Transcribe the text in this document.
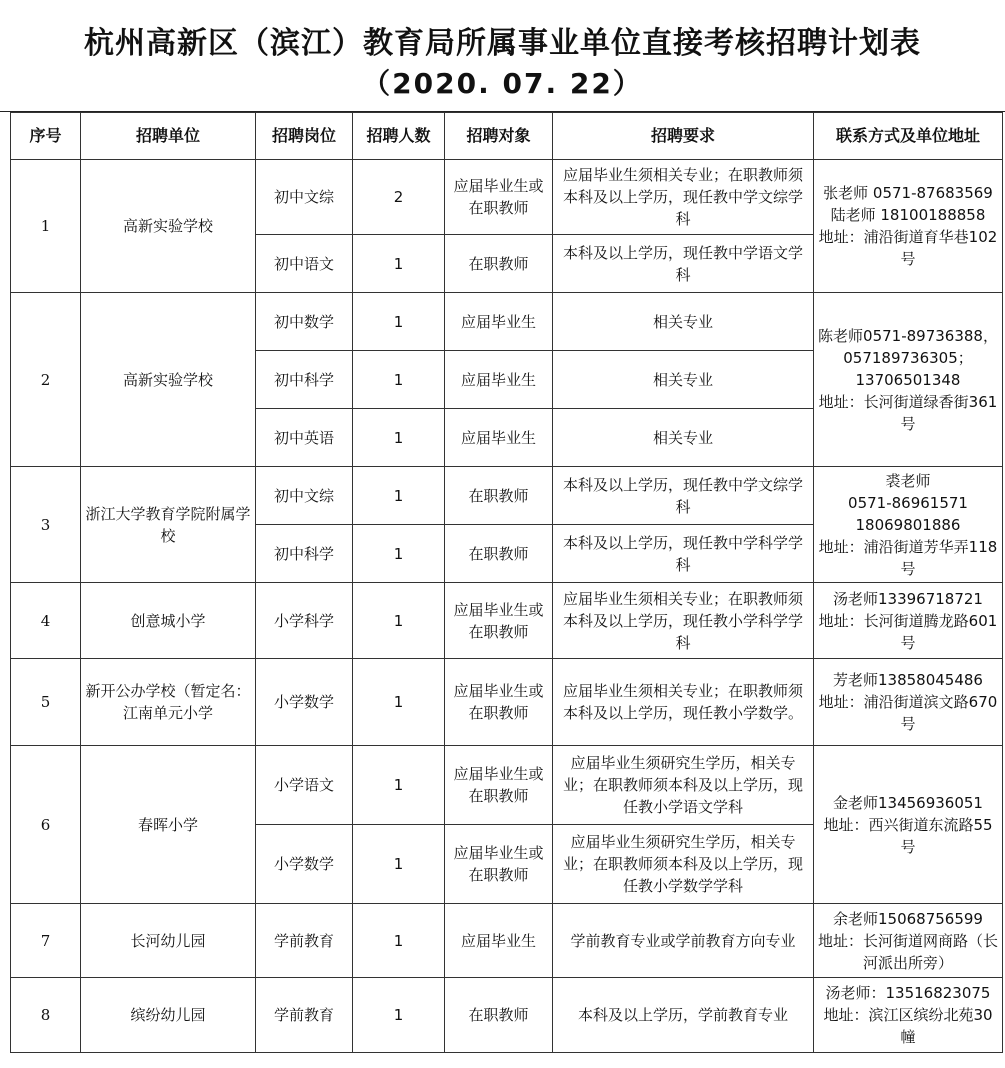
杭州高新区（滨江）教育局所属事业单位直接考核招聘计划表
（2020. 07. 22）
序号	招聘单位	招聘岗位	招聘人数	招聘对象	招聘要求	联系方式及单位地址
1	高新实验学校	初中文综	2	应届毕业生或在职教师	应届毕业生须相关专业；在职教师须本科及以上学历，现任教中学文综学科	张老师 0571-87683569
陆老师 18100188858
地址：浦沿街道育华巷102号
		初中语文	1	在职教师	本科及以上学历，现任教中学语文学科	
2	高新实验学校	初中数学	1	应届毕业生	相关专业	陈老师0571-89736388，057189736305；13706501348
地址：长河街道绿香街361号
		初中科学	1	应届毕业生	相关专业	
		初中英语	1	应届毕业生	相关专业	
3	浙江大学教育学院附属学校	初中文综	1	在职教师	本科及以上学历，现任教中学文综学科	裘老师
0571-86961571
18069801886
地址：浦沿街道芳华弄118号
		初中科学	1	在职教师	本科及以上学历，现任教中学科学学科	
4	创意城小学	小学科学	1	应届毕业生或在职教师	应届毕业生须相关专业；在职教师须本科及以上学历，现任教小学科学学科	汤老师13396718721
地址：长河街道腾龙路601号
5	新开公办学校（暂定名：江南单元小学	小学数学	1	应届毕业生或在职教师	应届毕业生须相关专业；在职教师须本科及以上学历，现任教小学数学。	芳老师13858045486
地址：浦沿街道滨文路670号
6	春晖小学	小学语文	1	应届毕业生或在职教师	应届毕业生须研究生学历，相关专业；在职教师须本科及以上学历，现任教小学语文学科	金老师13456936051
地址：西兴街道东流路55号
		小学数学	1	应届毕业生或在职教师	应届毕业生须研究生学历，相关专业；在职教师须本科及以上学历，现任教小学数学学科	
7	长河幼儿园	学前教育	1	应届毕业生	学前教育专业或学前教育方向专业	余老师15068756599
地址：长河街道网商路（长河派出所旁）
8	缤纷幼儿园	学前教育	1	在职教师	本科及以上学历，学前教育专业	汤老师：13516823075
地址：滨江区缤纷北苑30幢
